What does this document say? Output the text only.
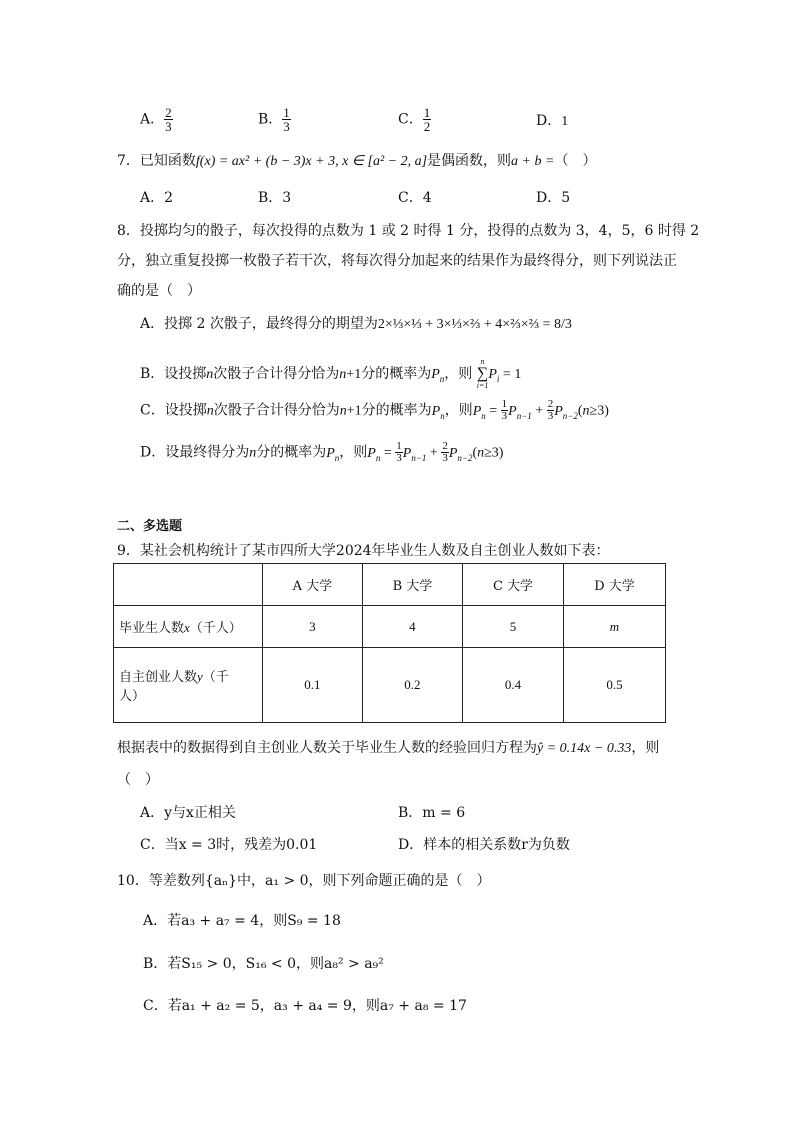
A． $\frac{2}{3}$	B． $\frac{1}{3}$	C． $\frac{1}{2}$	D．1
7．已知函数f(x) = ax² + (b − 3)x + 3, x ∈ [a² − 2, a]是偶函数，则a + b =（　）
A．2	B．3	C．4	D．5
8．投掷均匀的骰子，每次投得的点数为 1 或 2 时得 1 分，投得的点数为 3，4，5，6 时得 2
分，独立重复投掷一枚骰子若干次，将每次得分加起来的结果作为最终得分，则下列说法正
确的是（　）
A．投掷 2 次骰子，最终得分的期望为2×⅓×⅓ + 3×⅓×⅔ + 4×⅔×⅔ = 8/3
B．设投掷n次骰子合计得分恰为n+1分的概率为$P_n$，则
n
∑
i=1
$P_i = 1$
C．设投掷n次骰子合计得分恰为n+1分的概率为$P_n$，则$P_n = \frac{1}{3} P_{n-1} + \frac{2}{3} P_{n-2}(n\ge 3)$
D．设最终得分为n分的概率为$P_n$，则$P_n = \frac{1}{3} P_{n-1} + \frac{2}{3} P_{n-2}(n\ge 3)$
二、多选题
9．某社会机构统计了某市四所大学2024年毕业生人数及自主创业人数如下表：
	A 大学	B 大学	C 大学	D 大学
毕业生人数x（千人）	3	4	5	m
自主创业人数y（千
人）	0.1	0.2	0.4	0.5
根据表中的数据得到自主创业人数关于毕业生人数的经验回归方程为ŷ = 0.14x − 0.33，则
（　）
A．y与x正相关	B．m = 6
C．当x = 3时，残差为0.01	D．样本的相关系数r为负数
10．等差数列{aₙ}中，a₁ > 0，则下列命题正确的是（　）
A．若a₃ + a₇ = 4，则S₉ = 18
B．若S₁₅ > 0，S₁₆ < 0，则a₈² > a₉²
C．若a₁ + a₂ = 5，a₃ + a₄ = 9，则a₇ + a₈ = 17
